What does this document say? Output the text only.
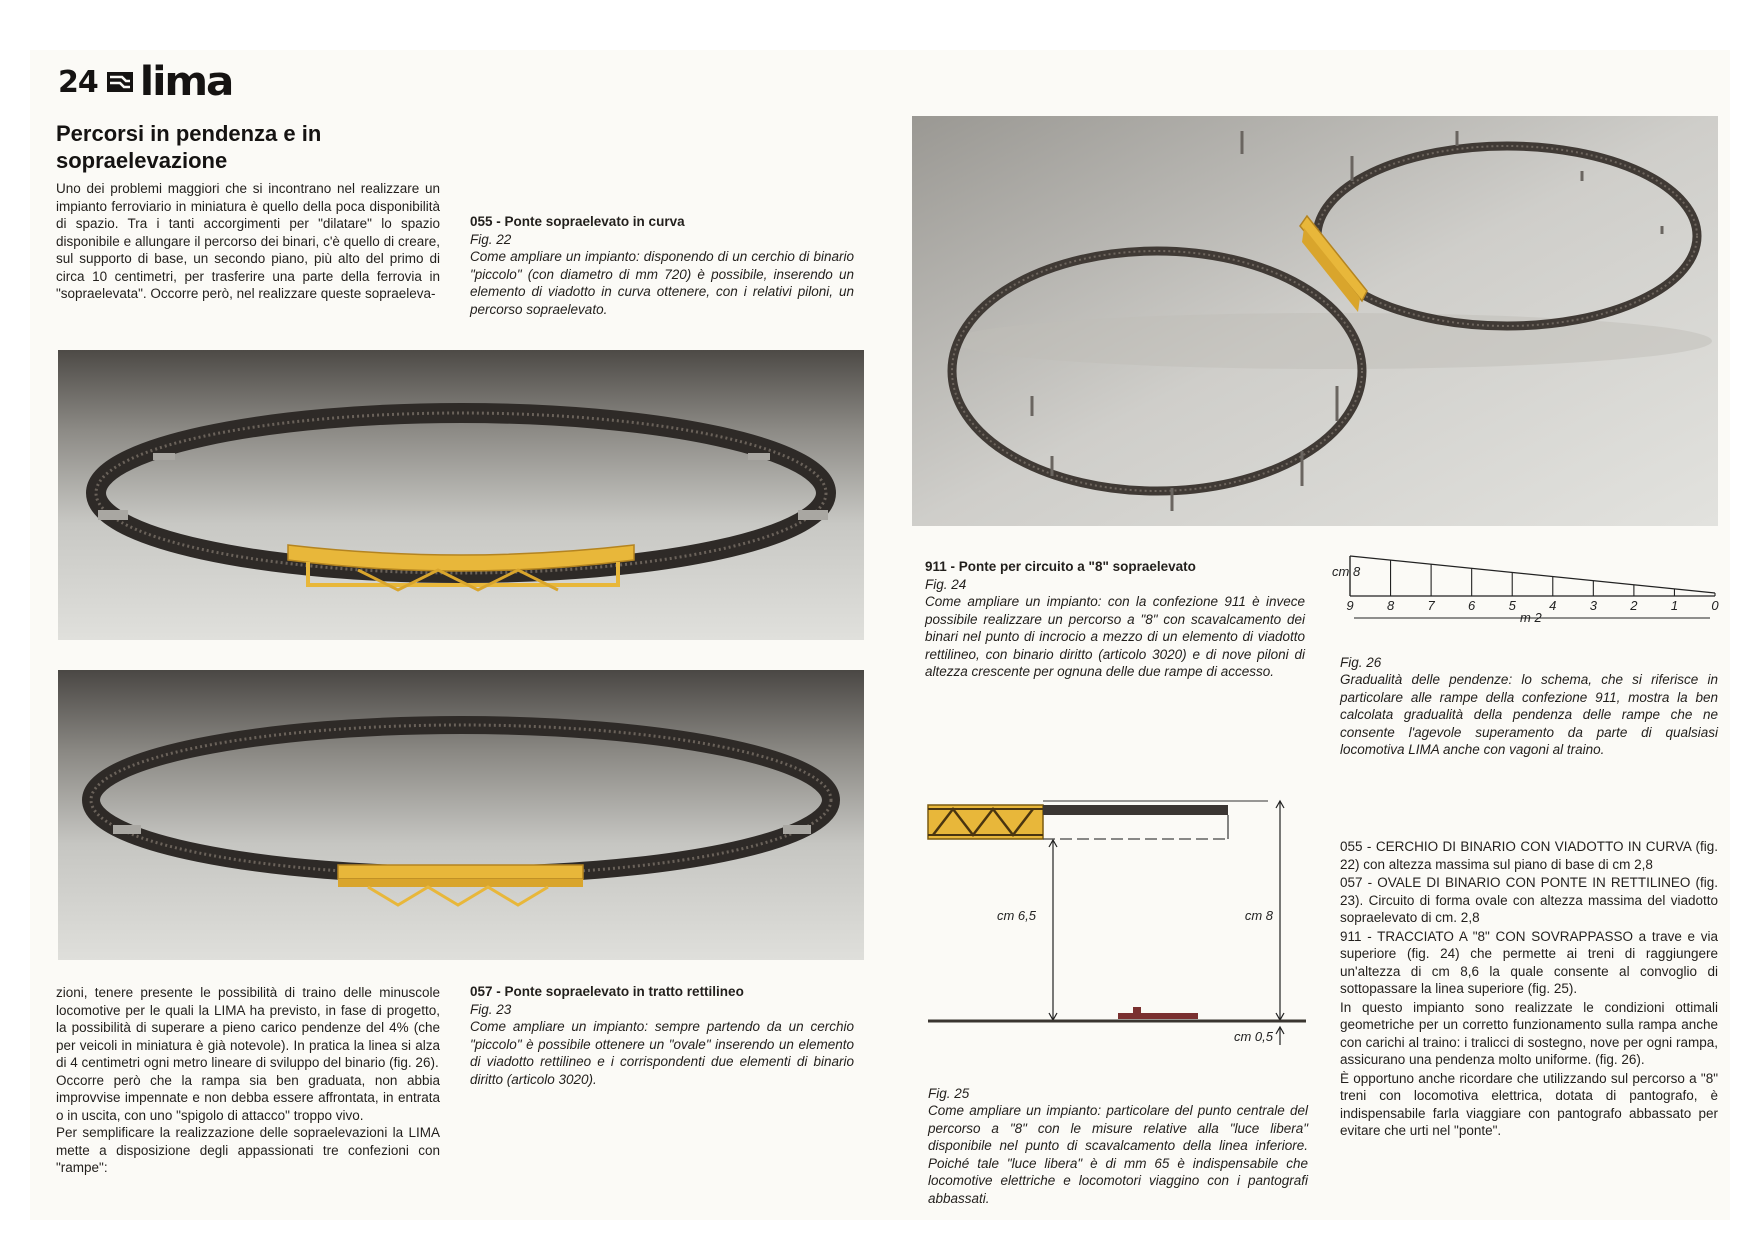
24 lima
Percorsi in pendenza e in
sopraelevazione
Uno dei problemi maggiori che si incontrano nel realizzare un impianto ferroviario in miniatura è quello della poca disponibilità di spazio. Tra i tanti accorgimenti per "dilatare" lo spazio disponibile e allungare il percorso dei binari, c'è quello di creare, sul supporto di base, un secondo piano, più alto del primo di circa 10 centimetri, per trasferire una parte della ferrovia in "sopraelevata". Occorre però, nel realizzare queste sopraeleva-
055 - Ponte sopraelevato in curva
Fig. 22
Come ampliare un impianto: disponendo di un cerchio di binario "piccolo" (con diametro di mm 720) è possibile, inserendo un elemento di viadotto in curva ottenere, con i relativi piloni, un percorso sopraelevato.
zioni, tenere presente le possibilità di traino delle minuscole locomotive per le quali la LIMA ha previsto, in fase di progetto, la possibilità di superare a pieno carico pendenze del 4% (che per veicoli in miniatura è già notevole). In pratica la linea si alza di 4 centimetri ogni metro lineare di sviluppo del binario (fig. 26).
Occorre però che la rampa sia ben graduata, non abbia improvvise impennate e non debba essere affrontata, in entrata o in uscita, con uno "spigolo di attacco" troppo vivo.
Per semplificare la realizzazione delle sopraelevazioni la LIMA mette a disposizione degli appassionati tre confezioni con "rampe":
057 - Ponte sopraelevato in tratto rettilineo
Fig. 23
Come ampliare un impianto: sempre partendo da un cerchio "piccolo" è possibile ottenere un "ovale" inserendo un elemento di viadotto rettilineo e i corrispondenti due elementi di binario diritto (articolo 3020).
911 - Ponte per circuito a "8" sopraelevato
Fig. 24
Come ampliare un impianto: con la confezione 911 è invece possibile realizzare un percorso a "8" con scavalcamento dei binari nel punto di incrocio a mezzo di un elemento di viadotto rettilineo, con binario diritto (articolo 3020) e di nove piloni di altezza crescente per ognuna delle due rampe di accesso.
9	8	7	6	5	4	3	2	1	0
cm 8
m 2
Fig. 26
Gradualità delle pendenze: lo schema, che si riferisce in particolare alle rampe della confezione 911, mostra la ben calcolata gradualità della pendenza delle rampe che ne consente l'agevole superamento da parte di qualsiasi locomotiva LIMA anche con vagoni al traino.
cm 6,5	cm 8
cm 0,5
Fig. 25
Come ampliare un impianto: particolare del punto centrale del percorso a "8" con le misure relative alla "luce libera" disponibile nel punto di scavalcamento della linea inferiore. Poiché tale "luce libera" è di mm 65 è indispensabile che locomotive elettriche e locomotori viaggino con i pantografi abbassati.

055 - CERCHIO DI BINARIO CON VIADOTTO IN CURVA (fig. 22) con altezza massima sul piano di base di cm 2,8

057 - OVALE DI BINARIO CON PONTE IN RETTILINEO (fig. 23). Circuito di forma ovale con altezza massima del viadotto sopraelevato di cm. 2,8

911 - TRACCIATO A "8" CON SOVRAPPASSO a trave e via superiore (fig. 24) che permette ai treni di raggiungere un'altezza di cm 8,6 la quale consente al convoglio di sottopassare la linea superiore (fig. 25).

In questo impianto sono realizzate le condizioni ottimali geometriche per un corretto funzionamento sulla rampa anche con carichi al traino: i tralicci di sostegno, nove per ogni rampa, assicurano una pendenza molto uniforme. (fig. 26).

È opportuno anche ricordare che utilizzando sul percorso a "8" treni con locomotiva elettrica, dotata di pantografo, è indispensabile farla viaggiare con pantografo abbassato per evitare che urti nel "ponte".
